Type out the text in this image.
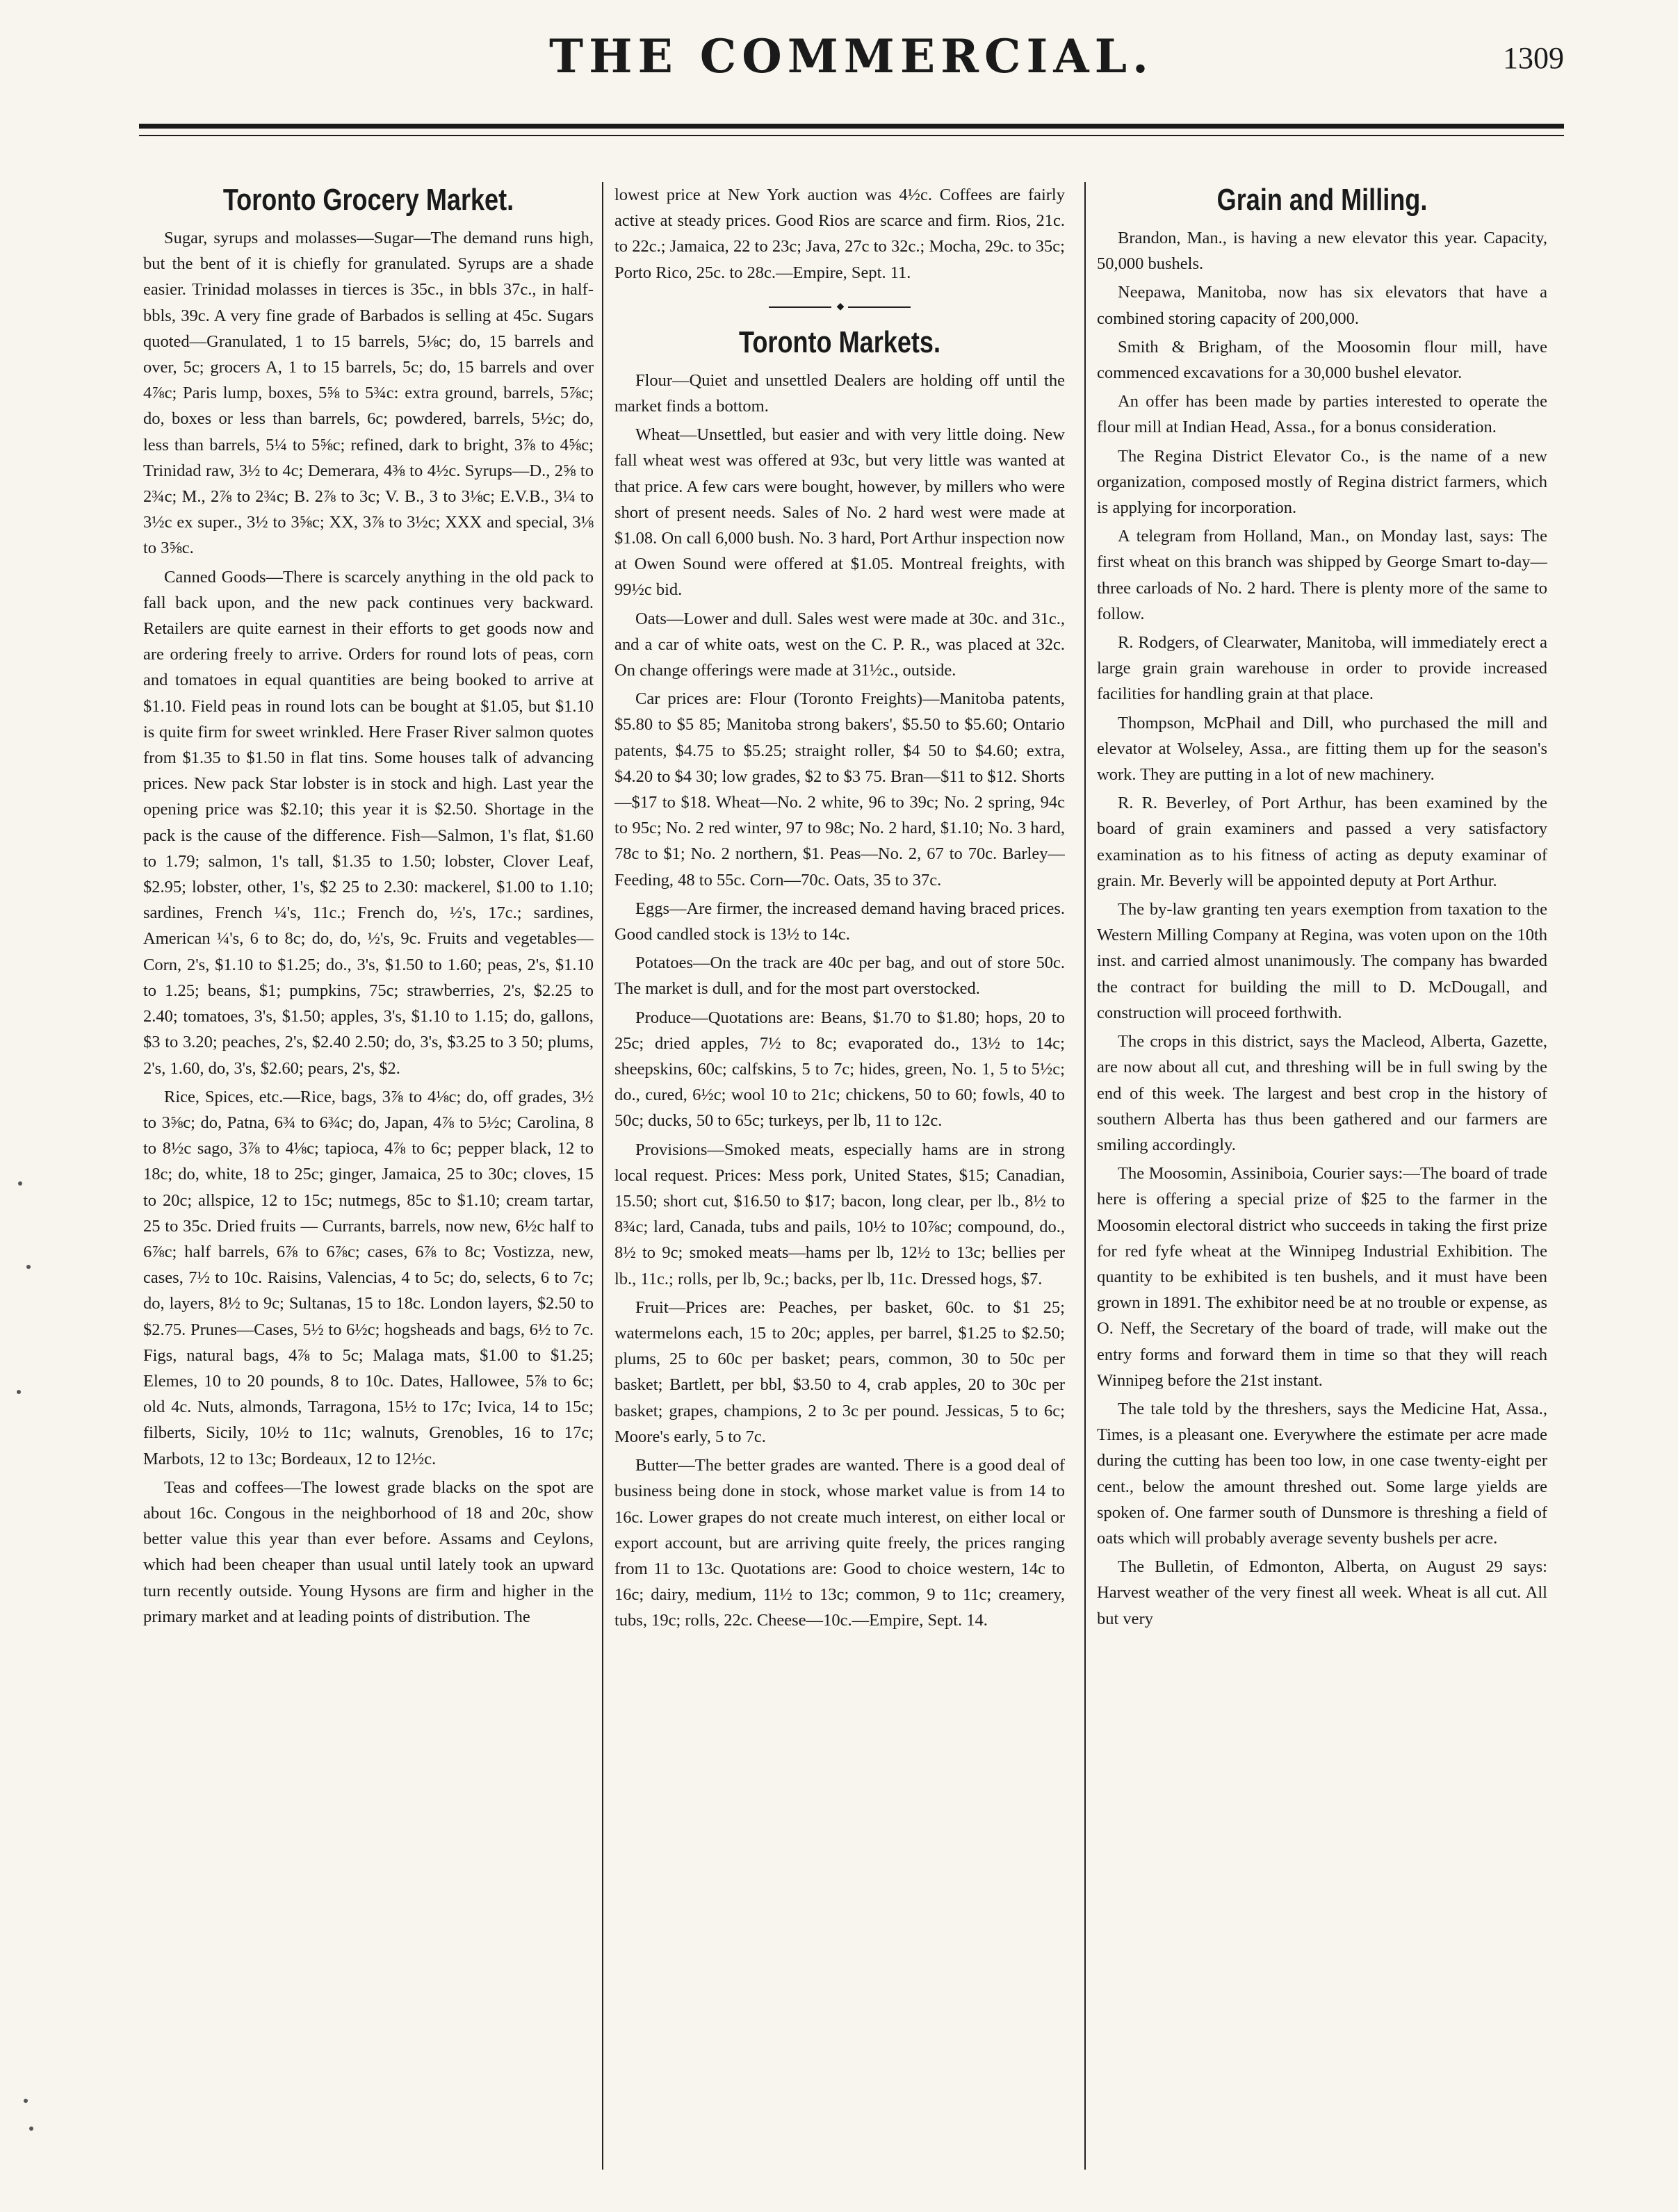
THE COMMERCIAL.	1309
Toronto Grocery Market.

Sugar, syrups and molasses—Sugar—The demand runs high, but the bent of it is chiefly for granulated. Syrups are a shade easier. Trinidad molasses in tierces is 35c., in bbls 37c., in half-bbls, 39c. A very fine grade of Barbados is selling at 45c. Sugars quoted—Granulated, 1 to 15 barrels, 5⅛c; do, 15 barrels and over, 5c; grocers A, 1 to 15 barrels, 5c; do, 15 barrels and over 4⅞c; Paris lump, boxes, 5⅝ to 5¾c: extra ground, barrels, 5⅞c; do, boxes or less than barrels, 6c; powdered, barrels, 5½c; do, less than barrels, 5¼ to 5⅝c; refined, dark to bright, 3⅞ to 4⅝c; Trinidad raw, 3½ to 4c; Demerara, 4⅜ to 4½c. Syrups—D., 2⅝ to 2¾c; M., 2⅞ to 2¾c; B. 2⅞ to 3c; V. B., 3 to 3⅛c; E.V.B., 3¼ to 3½c ex super., 3½ to 3⅝c; XX, 3⅞ to 3½c; XXX and special, 3⅛ to 3⅝c.

Canned Goods—There is scarcely anything in the old pack to fall back upon, and the new pack continues very backward. Retailers are quite earnest in their efforts to get goods now and are ordering freely to arrive. Orders for round lots of peas, corn and tomatoes in equal quantities are being booked to arrive at $1.10. Field peas in round lots can be bought at $1.05, but $1.10 is quite firm for sweet wrinkled. Here Fraser River salmon quotes from $1.35 to $1.50 in flat tins. Some houses talk of advancing prices. New pack Star lobster is in stock and high. Last year the opening price was $2.10; this year it is $2.50. Shortage in the pack is the cause of the difference. Fish—Salmon, 1's flat, $1.60 to 1.79; salmon, 1's tall, $1.35 to 1.50; lobster, Clover Leaf, $2.95; lobster, other, 1's, $2 25 to 2.30: mackerel, $1.00 to 1.10; sardines, French ¼'s, 11c.; French do, ½'s, 17c.; sardines, American ¼'s, 6 to 8c; do, do, ½'s, 9c. Fruits and vegetables—Corn, 2's, $1.10 to $1.25; do., 3's, $1.50 to 1.60; peas, 2's, $1.10 to 1.25; beans, $1; pumpkins, 75c; strawberries, 2's, $2.25 to 2.40; tomatoes, 3's, $1.50; apples, 3's, $1.10 to 1.15; do, gallons, $3 to 3.20; peaches, 2's, $2.40 2.50; do, 3's, $3.25 to 3 50; plums, 2's, 1.60, do, 3's, $2.60; pears, 2's, $2.

Rice, Spices, etc.—Rice, bags, 3⅞ to 4⅛c; do, off grades, 3½ to 3⅝c; do, Patna, 6¾ to 6¾c; do, Japan, 4⅞ to 5½c; Carolina, 8 to 8½c sago, 3⅞ to 4⅛c; tapioca, 4⅞ to 6c; pepper black, 12 to 18c; do, white, 18 to 25c; ginger, Jamaica, 25 to 30c; cloves, 15 to 20c; allspice, 12 to 15c; nutmegs, 85c to $1.10; cream tartar, 25 to 35c. Dried fruits — Currants, barrels, now new, 6½c half to 6⅞c; half barrels, 6⅞ to 6⅞c; cases, 6⅞ to 8c; Vostizza, new, cases, 7½ to 10c. Raisins, Valencias, 4 to 5c; do, selects, 6 to 7c; do, layers, 8½ to 9c; Sultanas, 15 to 18c. London layers, $2.50 to $2.75. Prunes—Cases, 5½ to 6½c; hogsheads and bags, 6½ to 7c. Figs, natural bags, 4⅞ to 5c; Malaga mats, $1.00 to $1.25; Elemes, 10 to 20 pounds, 8 to 10c. Dates, Hallowee, 5⅞ to 6c; old 4c. Nuts, almonds, Tarragona, 15½ to 17c; Ivica, 14 to 15c; filberts, Sicily, 10½ to 11c; walnuts, Grenobles, 16 to 17c; Marbots, 12 to 13c; Bordeaux, 12 to 12½c.

Teas and coffees—The lowest grade blacks on the spot are about 16c. Congous in the neighborhood of 18 and 20c, show better value this year than ever before. Assams and Ceylons, which had been cheaper than usual until lately took an upward turn recently outside. Young Hysons are firm and higher in the primary market and at leading points of distribution. The

lowest price at New York auction was 4½c. Coffees are fairly active at steady prices. Good Rios are scarce and firm. Rios, 21c. to 22c.; Jamaica, 22 to 23c; Java, 27c to 32c.; Mocha, 29c. to 35c; Porto Rico, 25c. to 28c.—Empire, Sept. 11.

◆
Toronto Markets.

Flour—Quiet and unsettled Dealers are holding off until the market finds a bottom.

Wheat—Unsettled, but easier and with very little doing. New fall wheat west was offered at 93c, but very little was wanted at that price. A few cars were bought, however, by millers who were short of present needs. Sales of No. 2 hard west were made at $1.08. On call 6,000 bush. No. 3 hard, Port Arthur inspection now at Owen Sound were offered at $1.05. Montreal freights, with 99½c bid.

Oats—Lower and dull. Sales west were made at 30c. and 31c., and a car of white oats, west on the C. P. R., was placed at 32c. On change offerings were made at 31½c., outside.

Car prices are: Flour (Toronto Freights)—Manitoba patents, $5.80 to $5 85; Manitoba strong bakers', $5.50 to $5.60; Ontario patents, $4.75 to $5.25; straight roller, $4 50 to $4.60; extra, $4.20 to $4 30; low grades, $2 to $3 75. Bran—$11 to $12. Shorts—$17 to $18. Wheat—No. 2 white, 96 to 39c; No. 2 spring, 94c to 95c; No. 2 red winter, 97 to 98c; No. 2 hard, $1.10; No. 3 hard, 78c to $1; No. 2 northern, $1. Peas—No. 2, 67 to 70c. Barley—Feeding, 48 to 55c. Corn—70c. Oats, 35 to 37c.

Eggs—Are firmer, the increased demand having braced prices. Good candled stock is 13½ to 14c.

Potatoes—On the track are 40c per bag, and out of store 50c. The market is dull, and for the most part overstocked.

Produce—Quotations are: Beans, $1.70 to $1.80; hops, 20 to 25c; dried apples, 7½ to 8c; evaporated do., 13½ to 14c; sheepskins, 60c; calfskins, 5 to 7c; hides, green, No. 1, 5 to 5½c; do., cured, 6½c; wool 10 to 21c; chickens, 50 to 60; fowls, 40 to 50c; ducks, 50 to 65c; turkeys, per lb, 11 to 12c.

Provisions—Smoked meats, especially hams are in strong local request. Prices: Mess pork, United States, $15; Canadian, 15.50; short cut, $16.50 to $17; bacon, long clear, per lb., 8½ to 8¾c; lard, Canada, tubs and pails, 10½ to 10⅞c; compound, do., 8½ to 9c; smoked meats—hams per lb, 12½ to 13c; bellies per lb., 11c.; rolls, per lb, 9c.; backs, per lb, 11c. Dressed hogs, $7.

Fruit—Prices are: Peaches, per basket, 60c. to $1 25; watermelons each, 15 to 20c; apples, per barrel, $1.25 to $2.50; plums, 25 to 60c per basket; pears, common, 30 to 50c per basket; Bartlett, per bbl, $3.50 to 4, crab apples, 20 to 30c per basket; grapes, champions, 2 to 3c per pound. Jessicas, 5 to 6c; Moore's early, 5 to 7c.

Butter—The better grades are wanted. There is a good deal of business being done in stock, whose market value is from 14 to 16c. Lower grapes do not create much interest, on either local or export account, but are arriving quite freely, the prices ranging from 11 to 13c. Quotations are: Good to choice western, 14c to 16c; dairy, medium, 11½ to 13c; common, 9 to 11c; creamery, tubs, 19c; rolls, 22c. Cheese—10c.—Empire, Sept. 14.

Grain and Milling.

Brandon, Man., is having a new elevator this year. Capacity, 50,000 bushels.

Neepawa, Manitoba, now has six elevators that have a combined storing capacity of 200,000.

Smith & Brigham, of the Moosomin flour mill, have commenced excavations for a 30,000 bushel elevator.

An offer has been made by parties interested to operate the flour mill at Indian Head, Assa., for a bonus consideration.

The Regina District Elevator Co., is the name of a new organization, composed mostly of Regina district farmers, which is applying for incorporation.

A telegram from Holland, Man., on Monday last, says: The first wheat on this branch was shipped by George Smart to-day—three carloads of No. 2 hard. There is plenty more of the same to follow.

R. Rodgers, of Clearwater, Manitoba, will immediately erect a large grain grain warehouse in order to provide increased facilities for handling grain at that place.

Thompson, McPhail and Dill, who purchased the mill and elevator at Wolseley, Assa., are fitting them up for the season's work. They are putting in a lot of new machinery.

R. R. Beverley, of Port Arthur, has been examined by the board of grain examiners and passed a very satisfactory examination as to his fitness of acting as deputy examinar of grain. Mr. Beverly will be appointed deputy at Port Arthur.

The by-law granting ten years exemption from taxation to the Western Milling Company at Regina, was voten upon on the 10th inst. and carried almost unanimously. The company has bwarded the contract for building the mill to D. McDougall, and construction will proceed forthwith.

The crops in this district, says the Macleod, Alberta, Gazette, are now about all cut, and threshing will be in full swing by the end of this week. The largest and best crop in the history of southern Alberta has thus been gathered and our farmers are smiling accordingly.

The Moosomin, Assiniboia, Courier says:—The board of trade here is offering a special prize of $25 to the farmer in the Moosomin electoral district who succeeds in taking the first prize for red fyfe wheat at the Winnipeg Industrial Exhibition. The quantity to be exhibited is ten bushels, and it must have been grown in 1891. The exhibitor need be at no trouble or expense, as O. Neff, the Secretary of the board of trade, will make out the entry forms and forward them in time so that they will reach Winnipeg before the 21st instant.

The tale told by the threshers, says the Medicine Hat, Assa., Times, is a pleasant one. Everywhere the estimate per acre made during the cutting has been too low, in one case twenty-eight per cent., below the amount threshed out. Some large yields are spoken of. One farmer south of Dunsmore is threshing a field of oats which will probably average seventy bushels per acre.

The Bulletin, of Edmonton, Alberta, on August 29 says: Harvest weather of the very finest all week. Wheat is all cut. All but very
